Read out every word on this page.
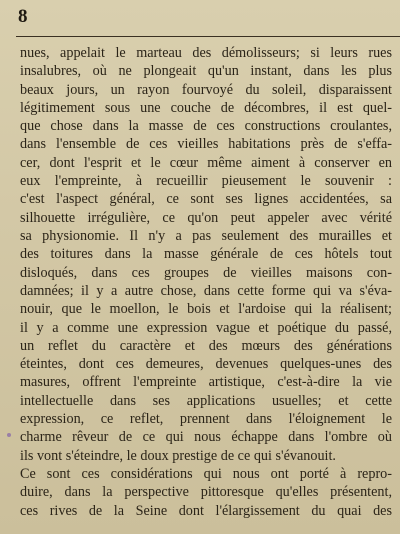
8
nues, appelait le marteau des démolisseurs; si leurs rues
insalubres, où ne plongeait qu'un instant, dans les plus
beaux jours, un rayon fourvoyé du soleil, disparaissent
légitimement sous une couche de décombres, il est quel-
que chose dans la masse de ces constructions croulantes,
dans l'ensemble de ces vieilles habitations près de s'effa-
cer, dont l'esprit et le cœur même aiment à conserver en
eux l'empreinte, à recueillir pieusement le souvenir :
c'est l'aspect général, ce sont ses lignes accidentées, sa
silhouette irrégulière, ce qu'on peut appeler avec vérité
sa physionomie. Il n'y a pas seulement des murailles et
des toitures dans la masse générale de ces hôtels tout
disloqués, dans ces groupes de vieilles maisons con-
damnées; il y a autre chose, dans cette forme qui va s'éva-
nouir, que le moellon, le bois et l'ardoise qui la réalisent;
il y a comme une expression vague et poétique du passé,
un reflet du caractère et des mœurs des générations
éteintes, dont ces demeures, devenues quelques-unes des
masures, offrent l'empreinte artistique, c'est-à-dire la vie
intellectuelle dans ses applications usuelles; et cette
expression, ce reflet, prennent dans l'éloignement le
charme rêveur de ce qui nous échappe dans l'ombre où
ils vont s'éteindre, le doux prestige de ce qui s'évanouit.
Ce sont ces considérations qui nous ont porté à repro-
duire, dans la perspective pittoresque qu'elles présentent,
ces rives de la Seine dont l'élargissement du quai des
